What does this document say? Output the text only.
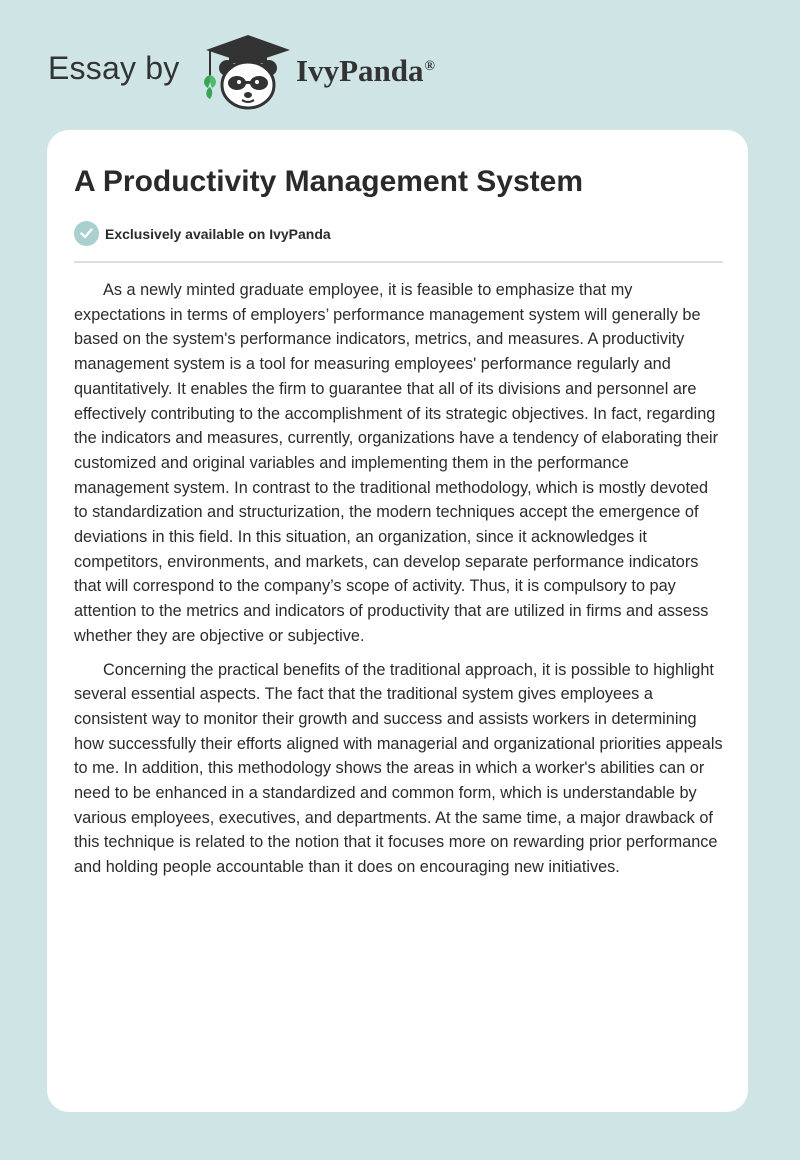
Essay by	IvyPanda®
A Productivity Management System
Exclusively available on IvyPanda

As a newly minted graduate employee, it is feasible to emphasize that my expectations in terms of employers’ performance management system will generally be based on the system's performance indicators, metrics, and measures. A productivity management system is a tool for measuring employees' performance regularly and quantitatively. It enables the firm to guarantee that all of its divisions and personnel are effectively contributing to the accomplishment of its strategic objectives. In fact, regarding the indicators and measures, currently, organizations have a tendency of elaborating their customized and original variables and implementing them in the performance management system. In contrast to the traditional methodology, which is mostly devoted to standardization and structurization, the modern techniques accept the emergence of deviations in this field. In this situation, an organization, since it acknowledges it competitors, environments, and markets, can develop separate performance indicators that will correspond to the company’s scope of activity. Thus, it is compulsory to pay attention to the metrics and indicators of productivity that are utilized in firms and assess whether they are objective or subjective.

Concerning the practical benefits of the traditional approach, it is possible to highlight several essential aspects. The fact that the traditional system gives employees a consistent way to monitor their growth and success and assists workers in determining how successfully their efforts aligned with managerial and organizational priorities appeals to me. In addition, this methodology shows the areas in which a worker's abilities can or need to be enhanced in a standardized and common form, which is understandable by various employees, executives, and departments. At the same time, a major drawback of this technique is related to the notion that it focuses more on rewarding prior performance and holding people accountable than it does on encouraging new initiatives.
